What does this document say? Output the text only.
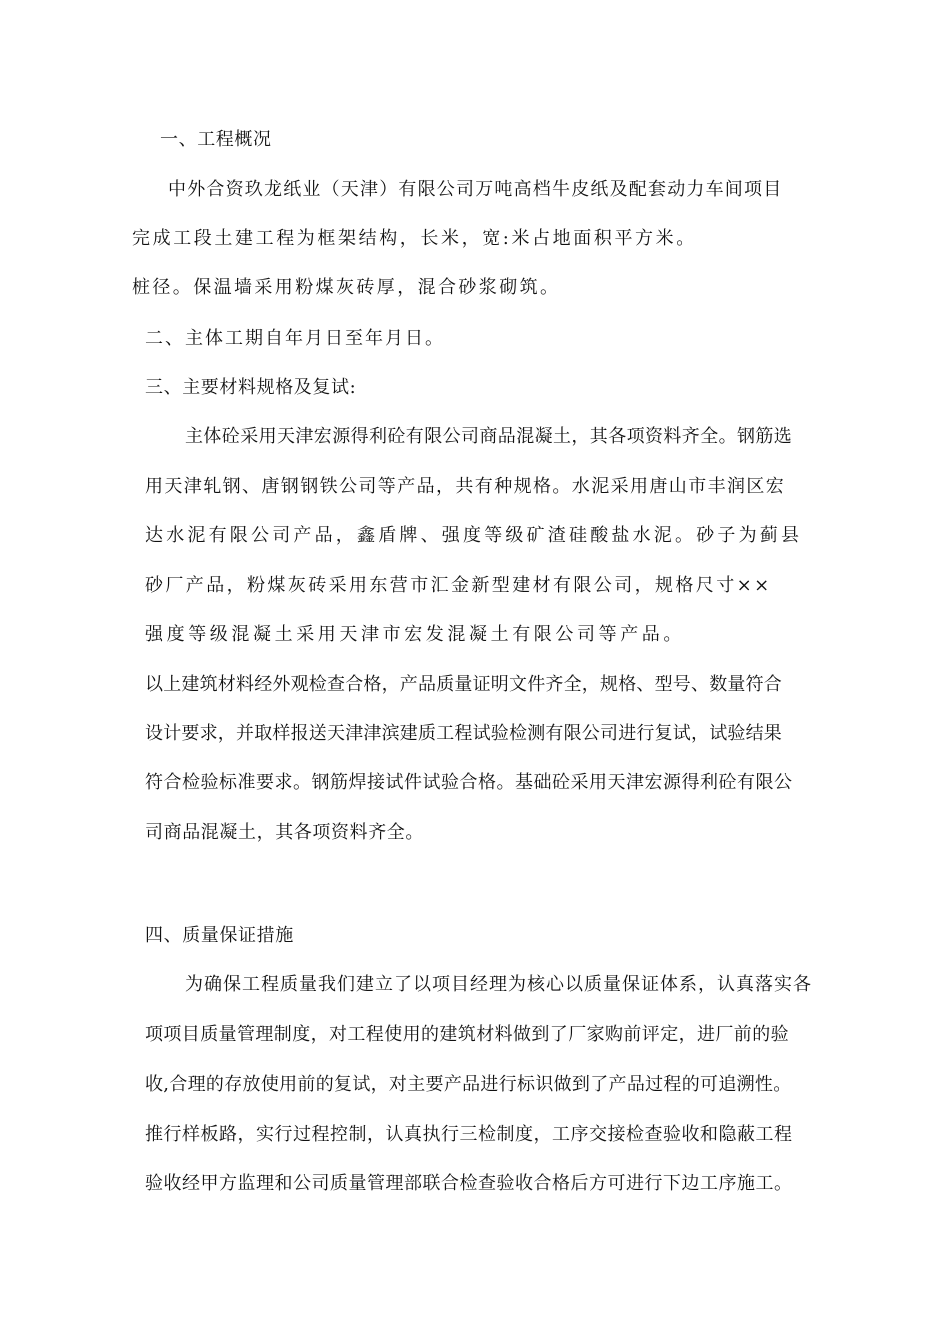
一、工程概况
中外合资玖龙纸业（天津）有限公司万吨高档牛皮纸及配套动力车间项目
完成工段土建工程为框架结构，长米，宽:米占地面积平方米。
桩径。保温墙采用粉煤灰砖厚，混合砂浆砌筑。
二、主体工期自年月日至年月日。
三、主要材料规格及复试:
主体砼采用天津宏源得利砼有限公司商品混凝土，其各项资料齐全。钢筋选
用天津轧钢、唐钢钢铁公司等产品，共有种规格。水泥采用唐山市丰润区宏
达水泥有限公司产品，鑫盾牌、强度等级矿渣硅酸盐水泥。砂子为蓟县
砂厂产品，粉煤灰砖采用东营市汇金新型建材有限公司，规格尺寸××
强度等级混凝土采用天津市宏发混凝土有限公司等产品。
以上建筑材料经外观检查合格，产品质量证明文件齐全，规格、型号、数量符合
设计要求，并取样报送天津津滨建质工程试验检测有限公司进行复试，试验结果
符合检验标准要求。钢筋焊接试件试验合格。基础砼采用天津宏源得利砼有限公
司商品混凝土，其各项资料齐全。
四、质量保证措施
为确保工程质量我们建立了以项目经理为核心以质量保证体系，认真落实各
项项目质量管理制度，对工程使用的建筑材料做到了厂家购前评定，进厂前的验
收,合理的存放使用前的复试，对主要产品进行标识做到了产品过程的可追溯性。
推行样板路，实行过程控制，认真执行三检制度，工序交接检查验收和隐蔽工程
验收经甲方监理和公司质量管理部联合检查验收合格后方可进行下边工序施工。
